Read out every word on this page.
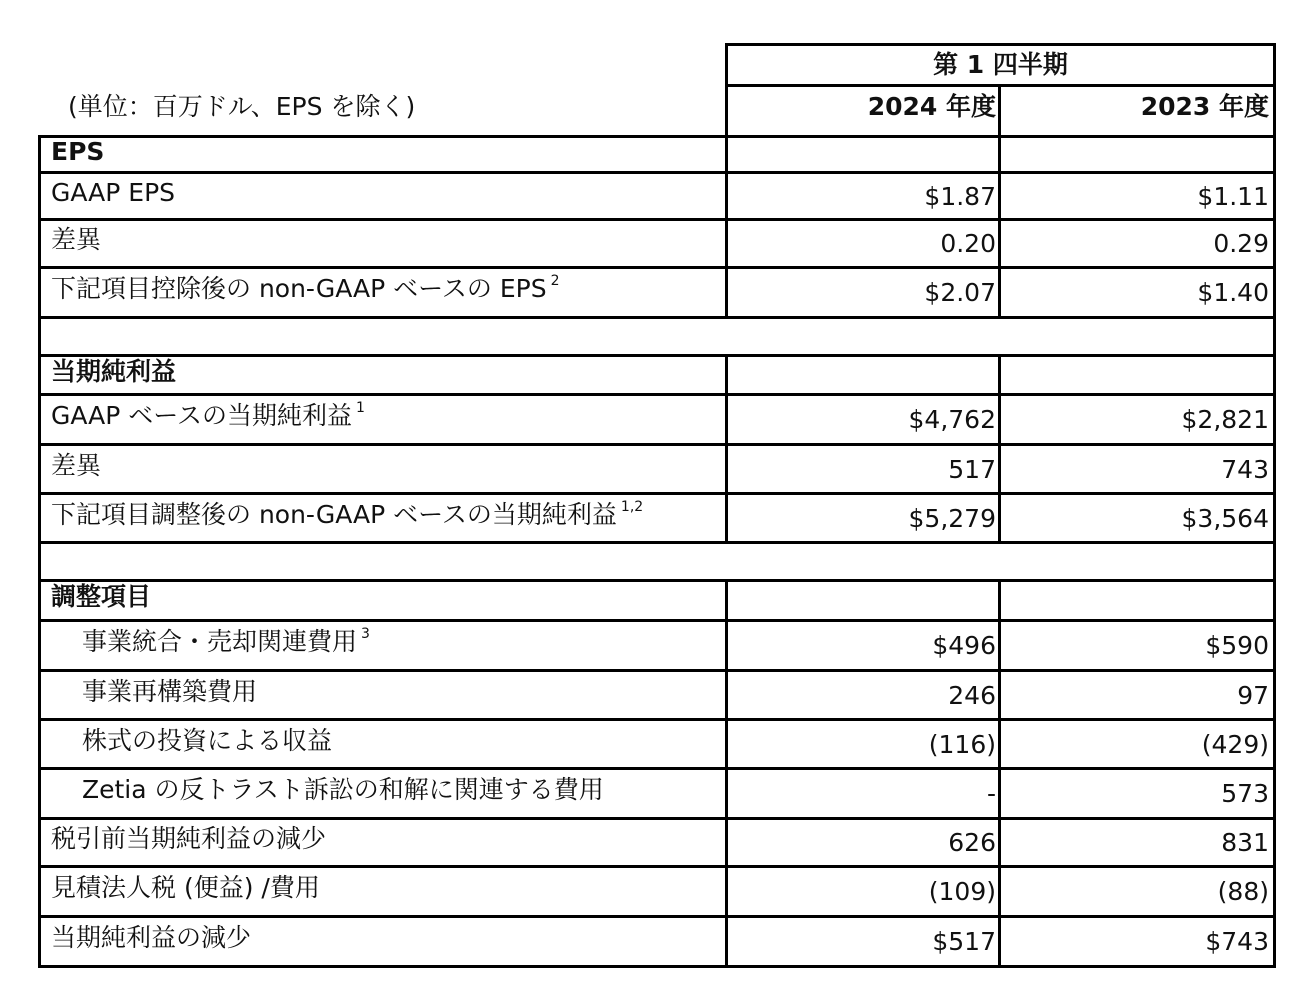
第 1 四半期
(単位：百万ドル、EPS を除く)	2024 年度	2023 年度
EPS
GAAP EPS	$1.87	$1.11
差異	0.20	0.29
下記項目控除後の non-GAAP ベースの EPS $^2$	$2.07	$1.40
当期純利益
GAAP ベースの当期純利益 $^1$	$4,762	$2,821
差異	517	743
下記項目調整後の non-GAAP ベースの当期純利益 $^{1,2}$	$5,279	$3,564
調整項目
事業統合・売却関連費用 $^3$	$496	$590
事業再構築費用	246	97
株式の投資による収益	(116)	(429)
Zetia の反トラスト訴訟の和解に関連する費用	-	573
税引前当期純利益の減少	626	831
見積法人税 (便益) /費用	(109)	(88)
当期純利益の減少	$517	$743
